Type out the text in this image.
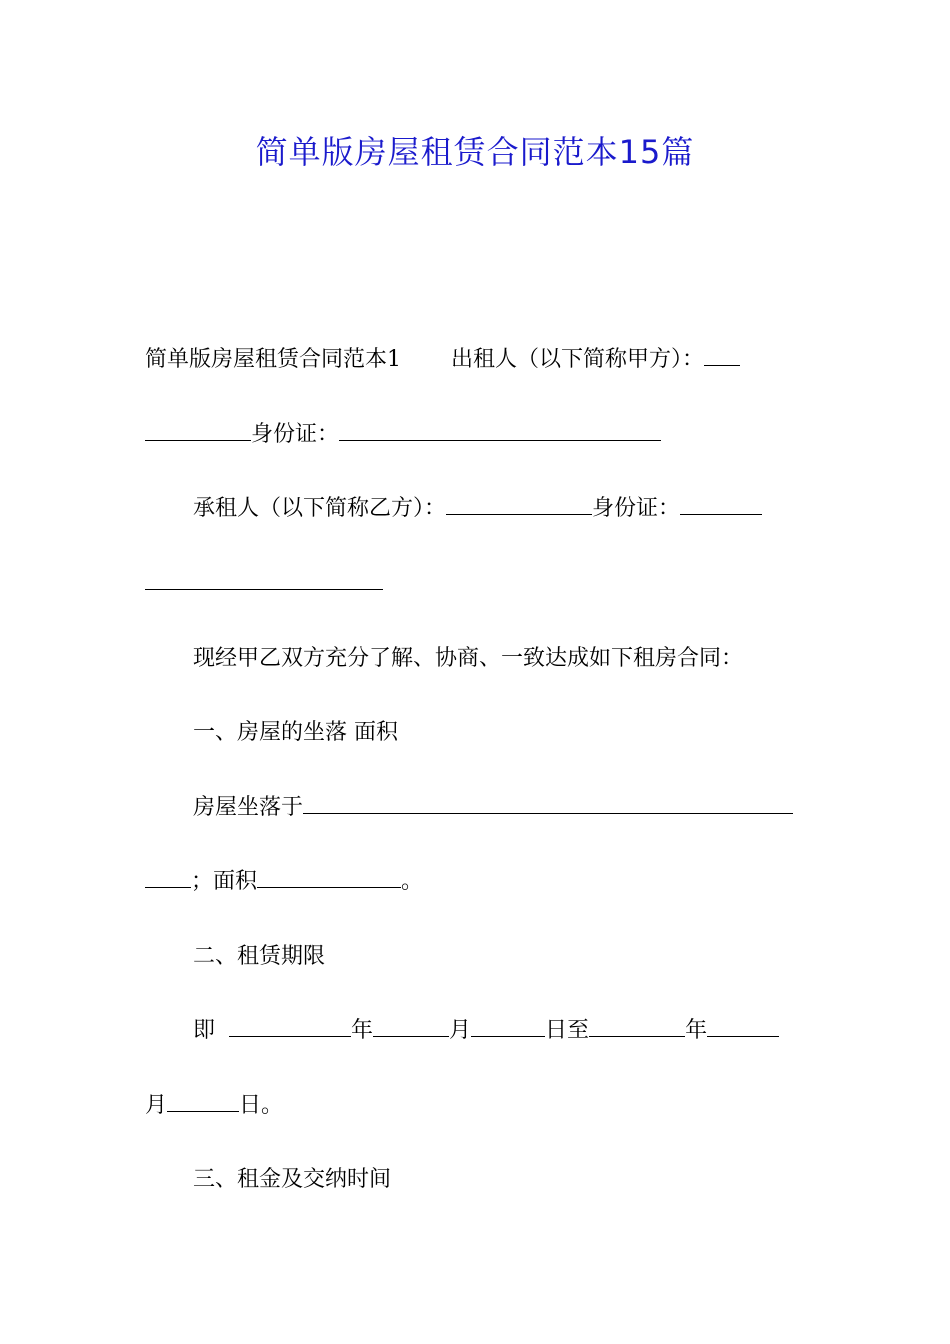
简单版房屋租赁合同范本15篇
简单版房屋租赁合同范本1 出租人（以下简称甲方）：
身份证：
承租人（以下简称乙方）：	身份证：
现经甲乙双方充分了解、协商、一致达成如下租房合同：
一、房屋的坐落 面积
房屋坐落于
；面积	。
二、租赁期限
即	年	月	日至	年
月	日。
三、租金及交纳时间
